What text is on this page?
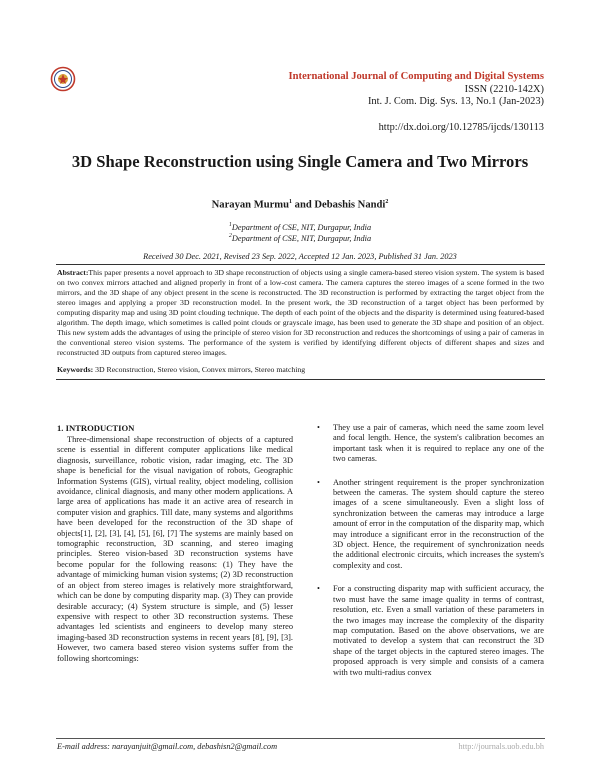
International Journal of Computing and Digital Systems
ISSN (2210-142X)
Int. J. Com. Dig. Sys. 13, No.1 (Jan-2023)
http://dx.doi.org/10.12785/ijcds/130113
3D Shape Reconstruction using Single Camera and Two Mirrors
Narayan Murmu$^1$ and Debashis Nandi$^2$
$^1$Department of CSE, NIT, Durgapur, India
$^2$Department of CSE, NIT, Durgapur, India
Received 30 Dec. 2021, Revised 23 Sep. 2022, Accepted 12 Jan. 2023, Published 31 Jan. 2023
Abstract:This paper presents a novel approach to 3D shape reconstruction of objects using a single camera-based stereo vision system. The system is based on two convex mirrors attached and aligned properly in front of a low-cost camera. The camera captures the stereo images of a scene formed in the two mirrors, and the 3D shape of any object present in the scene is reconstructed. The 3D reconstruction is performed by extracting the target object from the stereo images and applying a proper 3D reconstruction model. In the present work, the 3D reconstruction of a target object has been performed by computing disparity map and using 3D point clouding technique. The depth of each point of the objects and the disparity is determined using featured-based algorithm. The depth image, which sometimes is called point clouds or grayscale image, has been used to generate the 3D shape and position of an object. This new system adds the advantages of using the principle of stereo vision for 3D reconstruction and reduces the shortcomings of using a pair of cameras in the conventional stereo vision systems. The performance of the system is verified by identifying different objects of different shapes and sizes and reconstructed 3D outputs from captured stereo images.
Keywords: 3D Reconstruction, Stereo vision, Convex mirrors, Stereo matching
1. INTRODUCTION
Three-dimensional shape reconstruction of objects of a captured scene is essential in different computer applications like medical diagnosis, surveillance, robotic vision, radar imaging, etc. The 3D shape is beneficial for the visual navigation of robots, Geographic Information Systems (GIS), virtual reality, object modeling, collision avoidance, clinical diagnosis, and many other modern applications. A large area of applications has made it an active area of research in computer vision and graphics. Till date, many systems and algorithms have been developed for the reconstruction of the 3D shape of objects[1], [2], [3], [4], [5], [6], [7] The systems are mainly based on tomographic reconstruction, 3D scanning, and stereo imaging principles. Stereo vision-based 3D reconstruction systems have become popular for the following reasons: (1) They have the advantage of mimicking human vision systems; (2) 3D reconstruction of an object from stereo images is relatively more straightforward, which can be done by computing disparity map. (3) They can provide desirable accuracy; (4) System structure is simple, and (5) lesser expensive with respect to other 3D reconstruction systems. These advantages led scientists and engineers to develop many stereo imaging-based 3D reconstruction systems in recent years [8], [9], [3]. However, two camera based stereo vision systems suffer from the following shortcomings:
• They use a pair of cameras, which need the same zoom level and focal length. Hence, the system's calibration becomes an important task when it is required to replace any one of the two cameras.
• Another stringent requirement is the proper synchronization between the cameras. The system should capture the stereo images of a scene simultaneously. Even a slight loss of synchronization between the cameras may introduce a large amount of error in the computation of the disparity map, which may introduce a significant error in the reconstruction of the 3D object. Hence, the requirement of synchronization needs the additional electronic circuits, which increases the system's complexity and cost.
• For a constructing disparity map with sufficient accuracy, the two must have the same image quality in terms of contrast, resolution, etc. Even a small variation of these parameters in the two images may increase the complexity of the disparity map computation. Based on the above observations, we are motivated to develop a system that can reconstruct the 3D shape of the target objects in the captured stereo images. The proposed approach is very simple and consists of a camera with two multi-radius convex
E-mail address: narayanjuit@gmail.com, debashisn2@gmail.com	http://journals.uob.edu.bh
